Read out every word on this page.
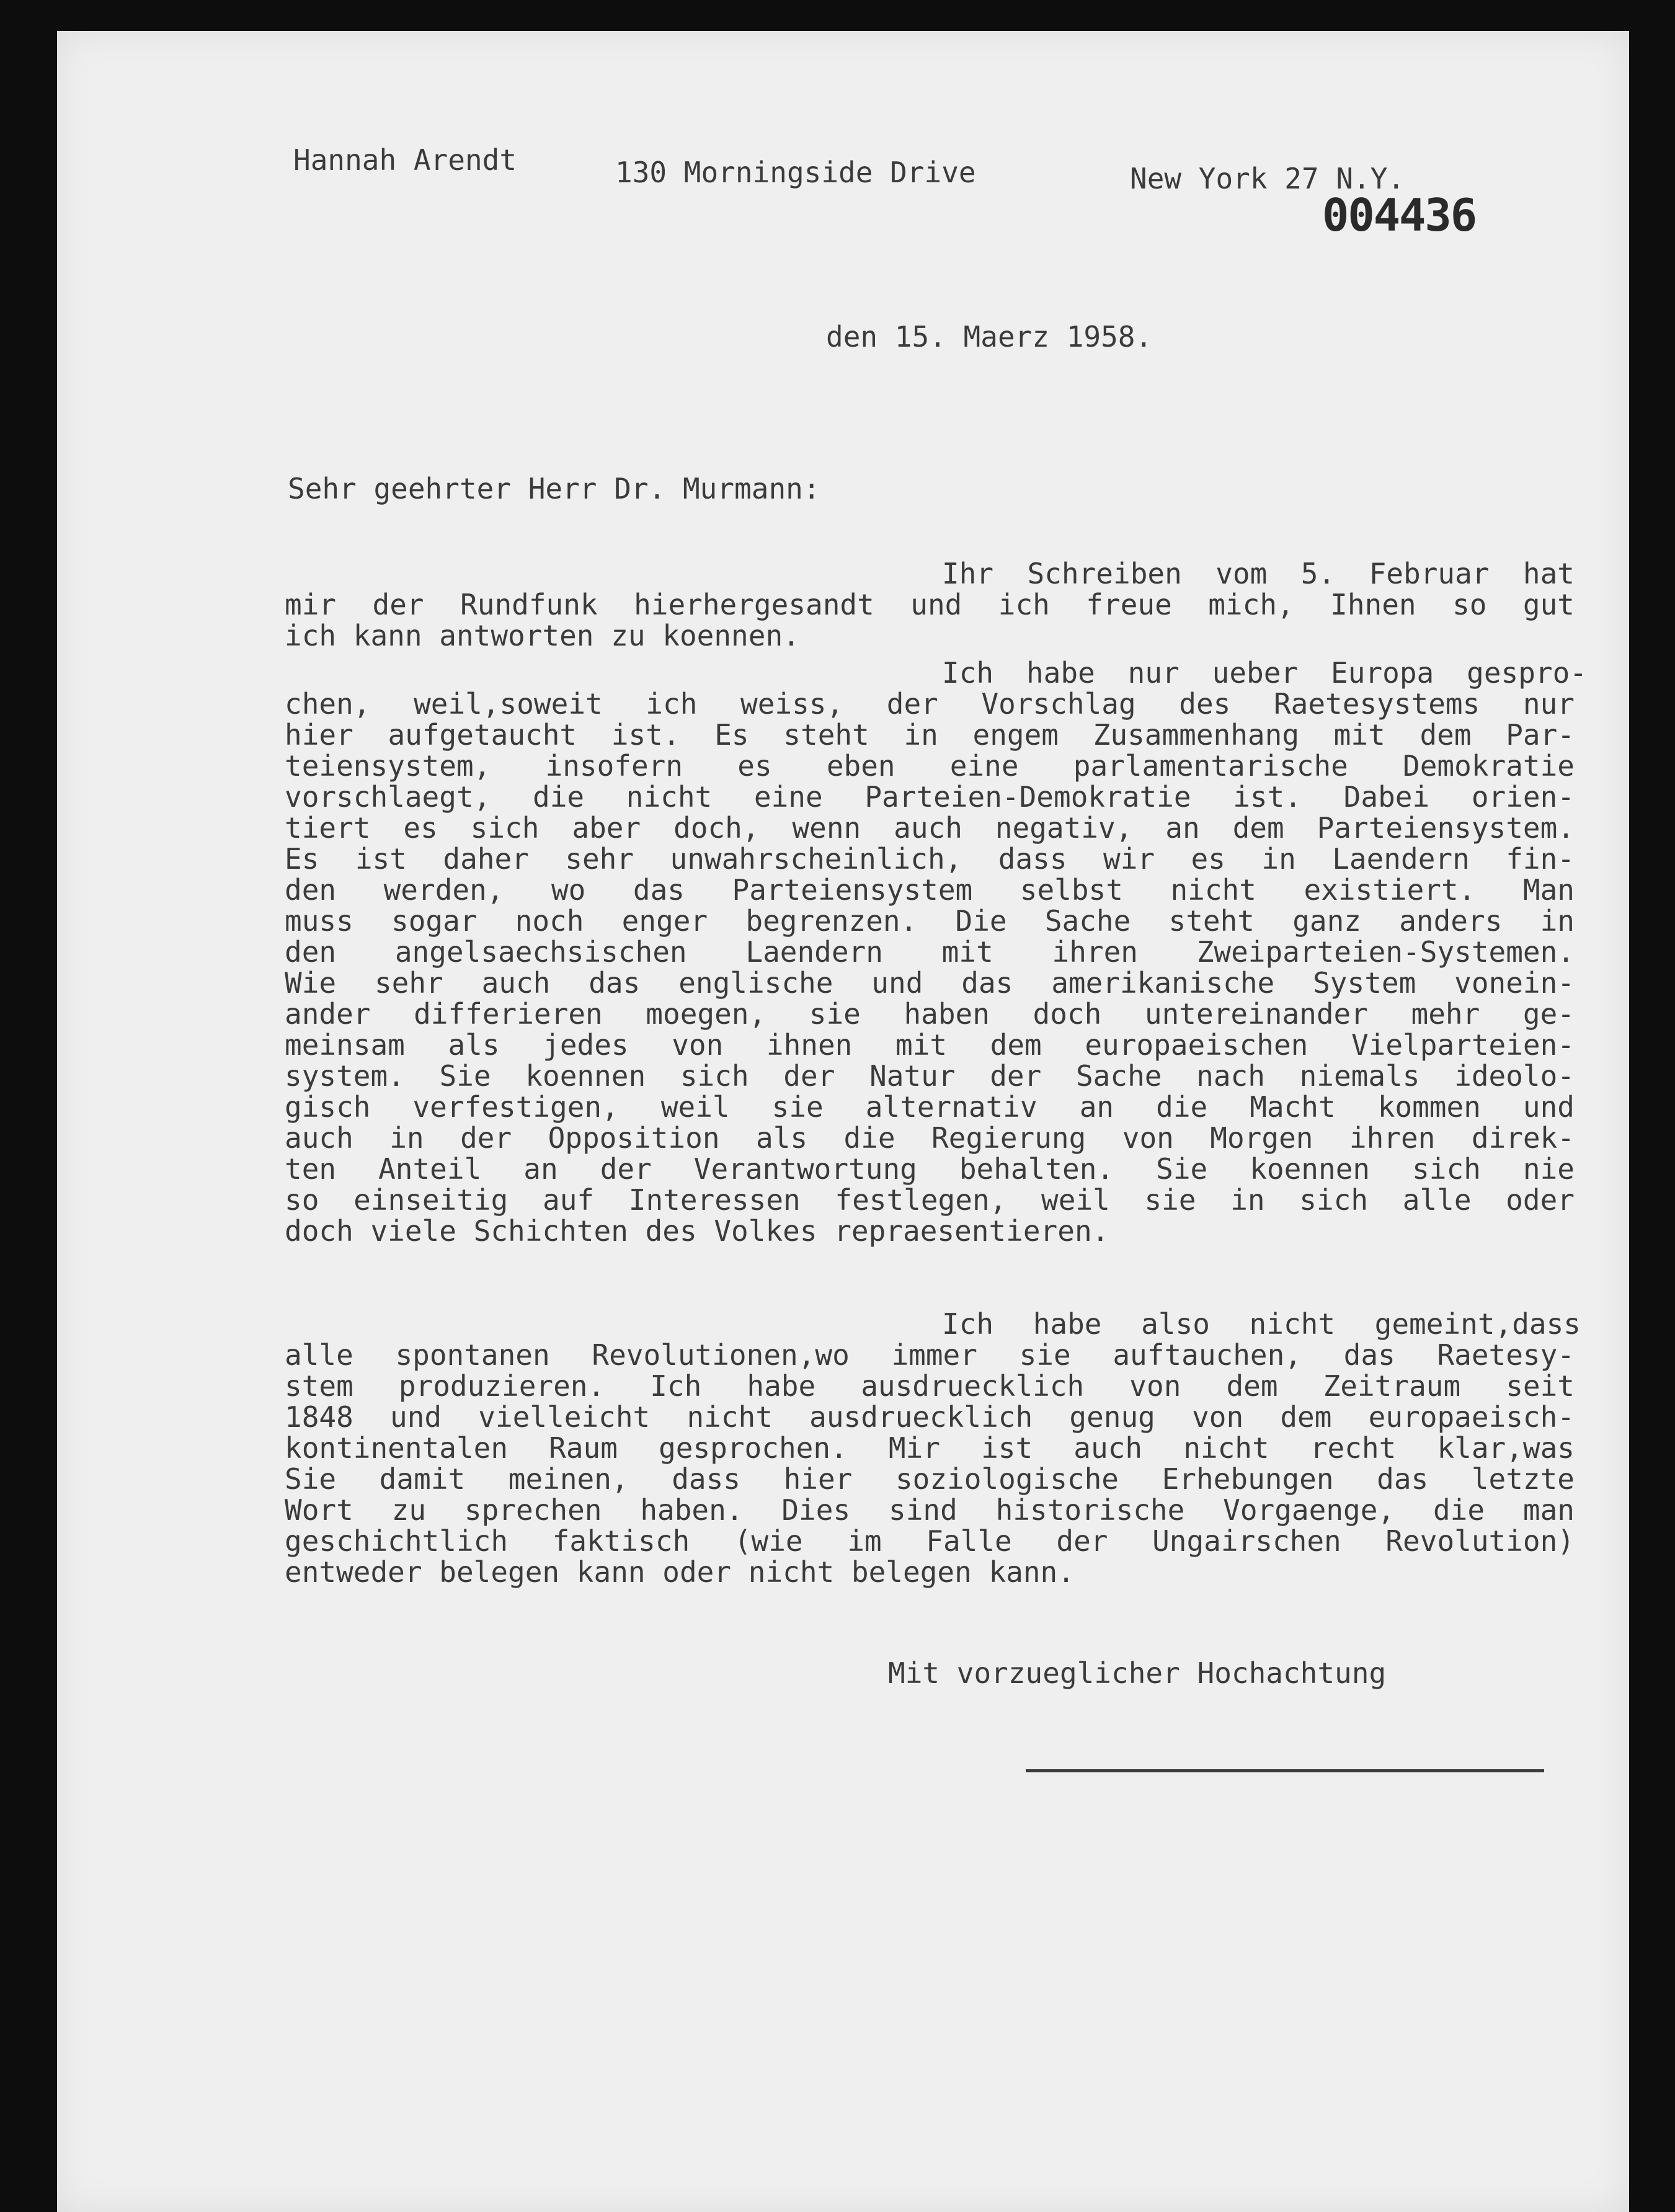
Hannah Arendt	130 Morningside Drive	New York 27 N.Y.
004436
den 15. Maerz 1958.
Sehr geehrter Herr Dr. Murmann:
Ihr Schreiben vom 5. Februar hat
mir der Rundfunk hierhergesandt und ich freue mich, Ihnen so gut
ich kann antworten zu koennen.
Ich habe nur ueber Europa gespro-
chen, weil,soweit ich weiss, der Vorschlag des Raetesystems nur
hier aufgetaucht ist. Es steht in engem Zusammenhang mit dem Par-
teiensystem, insofern es eben eine parlamentarische Demokratie
vorschlaegt, die nicht eine Parteien-Demokratie ist. Dabei orien-
tiert es sich aber doch, wenn auch negativ, an dem Parteiensystem.
Es ist daher sehr unwahrscheinlich, dass wir es in Laendern fin-
den werden, wo das Parteiensystem selbst nicht existiert. Man
muss sogar noch enger begrenzen. Die Sache steht ganz anders in
den angelsaechsischen Laendern mit ihren Zweiparteien-Systemen.
Wie sehr auch das englische und das amerikanische System vonein-
ander differieren moegen, sie haben doch untereinander mehr ge-
meinsam als jedes von ihnen mit dem europaeischen Vielparteien-
system. Sie koennen sich der Natur der Sache nach niemals ideolo-
gisch verfestigen, weil sie alternativ an die Macht kommen und
auch in der Opposition als die Regierung von Morgen ihren direk-
ten Anteil an der Verantwortung behalten. Sie koennen sich nie
so einseitig auf Interessen festlegen, weil sie in sich alle oder
doch viele Schichten des Volkes repraesentieren.
Ich habe also nicht gemeint,dass
alle spontanen Revolutionen,wo immer sie auftauchen, das Raetesy-
stem produzieren. Ich habe ausdruecklich von dem Zeitraum seit
1848 und vielleicht nicht ausdruecklich genug von dem europaeisch-
kontinentalen Raum gesprochen. Mir ist auch nicht recht klar,was
Sie damit meinen, dass hier soziologische Erhebungen das letzte
Wort zu sprechen haben. Dies sind historische Vorgaenge, die man
geschichtlich faktisch (wie im Falle der Ungairschen Revolution)
entweder belegen kann oder nicht belegen kann.
Mit vorzueglicher Hochachtung
